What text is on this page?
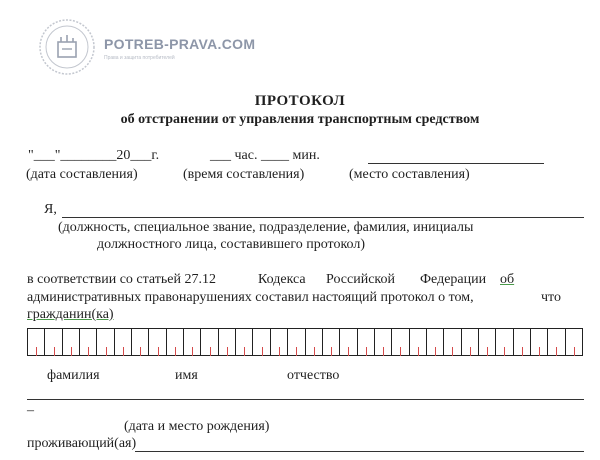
POTREB-PRAVA.COM
Права и защита потребителей
ПРОТОКОЛ
об отстранении от управления транспортным средством
"___"________20___г.	___ час. ____ мин.
(дата составления)	(время составления)	(место составления)
Я,
(должность, специальное звание, подразделение, фамилия, инициалы
должностного лица, составившего протокол)
в соответствии со статьей 27.12	Кодекса Российской Федерации об
административных правонарушениях составил настоящий протокол о том,	что
гражданин(ка)
фамилия	имя	отчество
–
(дата и место рождения)
проживающий(ая)
